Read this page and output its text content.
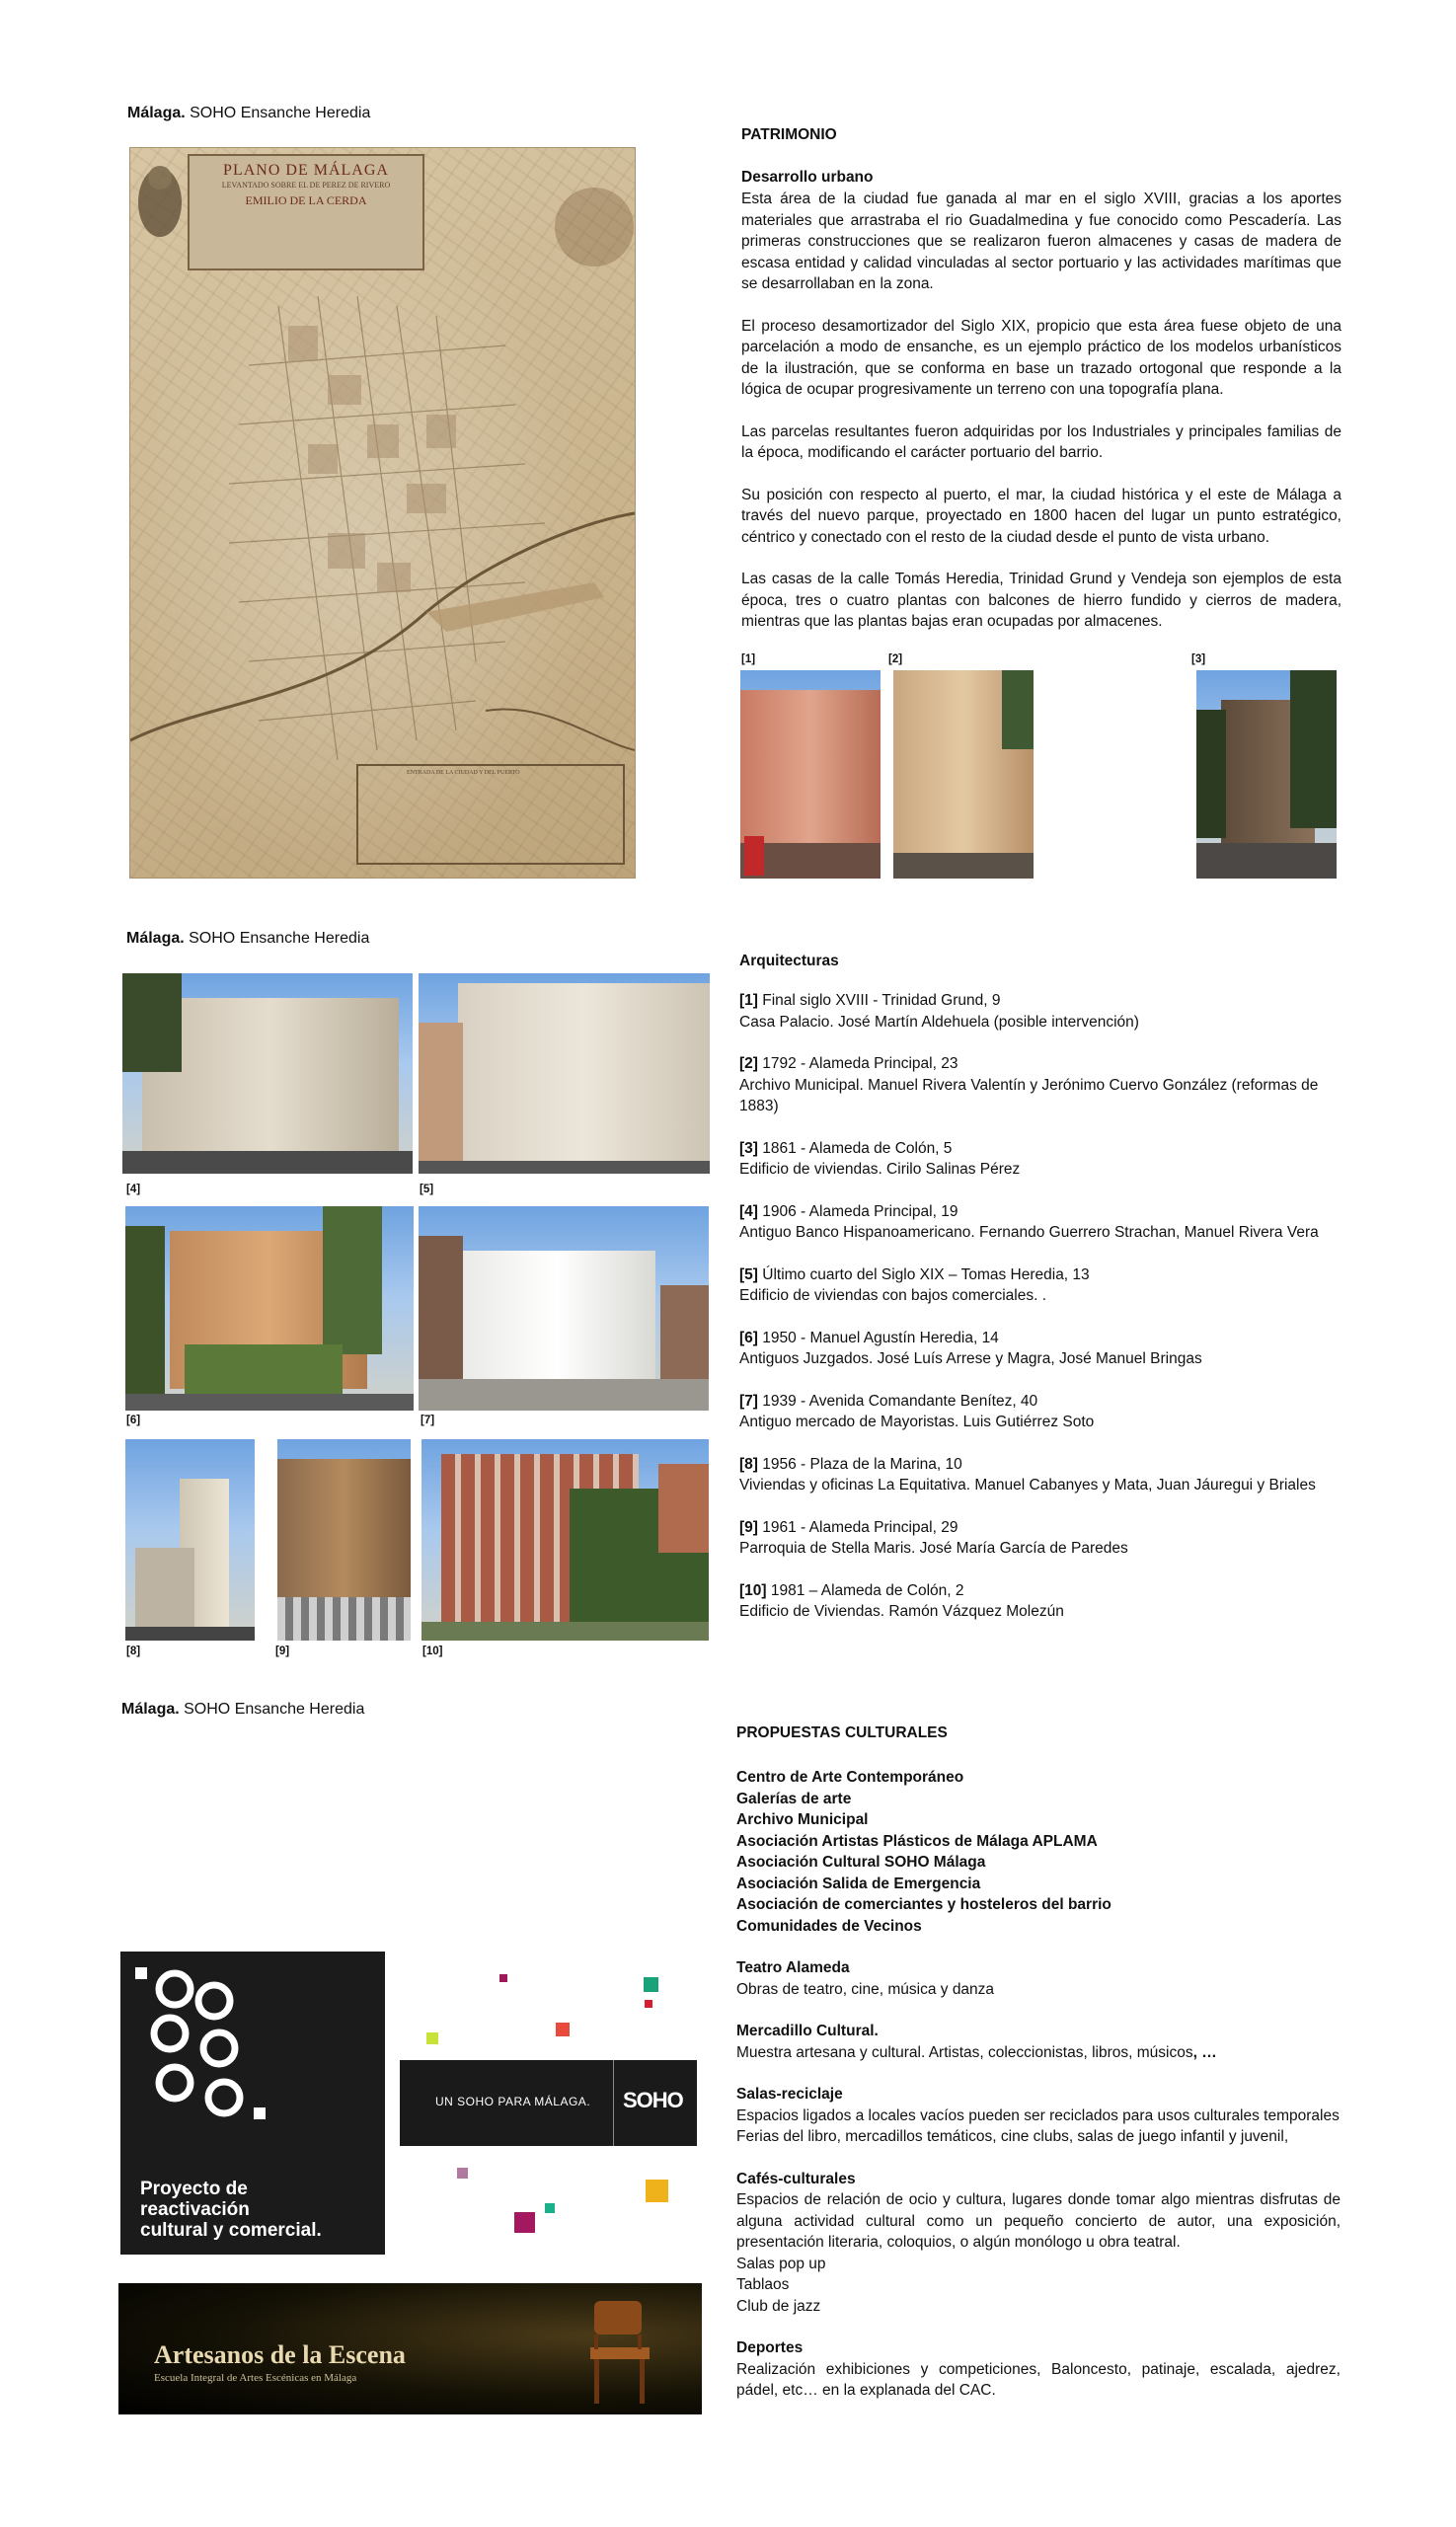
Málaga. SOHO Ensanche Heredia
PLANO DE MÁLAGA
LEVANTADO SOBRE EL DE PEREZ DE RIVERO
EMILIO DE LA CERDA
ENTRADA DE LA CIUDAD Y DEL PUERTO
PATRIMONIO
Desarrollo urbano

Esta área de la ciudad fue ganada al mar en el siglo XVIII, gracias a los aportes materiales que arrastraba el rio Guadalmedina y fue conocido como Pescadería. Las primeras construcciones que se realizaron fueron almacenes y casas de madera de escasa entidad y calidad vinculadas al sector portuario y las actividades marítimas que se desarrollaban en la zona.

El proceso desamortizador del Siglo XIX, propicio que esta área fuese objeto de una parcelación a modo de ensanche, es un ejemplo práctico de los modelos urbanísticos de la ilustración, que se conforma en base un trazado ortogonal que responde a la lógica de ocupar progresivamente un terreno con una topografía plana.

Las parcelas resultantes fueron adquiridas por los Industriales y principales familias de la época, modificando el carácter portuario del barrio.

Su posición con respecto al puerto, el mar, la ciudad histórica y el este de Málaga a través del nuevo parque, proyectado en 1800 hacen del lugar un punto estratégico, céntrico y conectado con el resto de la ciudad desde el punto de vista urbano.

Las casas de la calle Tomás Heredia, Trinidad Grund y Vendeja son ejemplos de esta época, tres o cuatro plantas con balcones de hierro fundido y cierros de madera, mientras que las plantas bajas eran ocupadas por almacenes.

[1]	[2]	[3]
Málaga. SOHO Ensanche Heredia
[4]	[5]
[6]	[7]
[8]	[9]	[10]
Arquitecturas
[1] Final siglo XVIII - Trinidad Grund, 9
Casa Palacio. José Martín Aldehuela (posible intervención)
[2] 1792 - Alameda Principal, 23
Archivo Municipal. Manuel Rivera Valentín y Jerónimo Cuervo González (reformas de 1883)
[3] 1861 - Alameda de Colón, 5
Edificio de viviendas. Cirilo Salinas Pérez
[4] 1906 - Alameda Principal, 19
Antiguo Banco Hispanoamericano. Fernando Guerrero Strachan, Manuel Rivera Vera
[5] Último cuarto del Siglo XIX – Tomas Heredia, 13
Edificio de viviendas con bajos comerciales. .
[6] 1950 - Manuel Agustín Heredia, 14
Antiguos Juzgados. José Luís Arrese y Magra, José Manuel Bringas
[7] 1939 - Avenida Comandante Benítez, 40
Antiguo mercado de Mayoristas. Luis Gutiérrez Soto
[8] 1956 - Plaza de la Marina, 10
Viviendas y oficinas La Equitativa. Manuel Cabanyes y Mata, Juan Jáuregui y Briales
[9] 1961 - Alameda Principal, 29
Parroquia de Stella Maris. José María García de Paredes
[10] 1981 – Alameda de Colón, 2
Edificio de Viviendas. Ramón Vázquez Molezún
Málaga. SOHO Ensanche Heredia
Proyecto de
reactivación
cultural y comercial.
UN SOHO PARA MÁLAGA. SOHO
Artesanos de la Escena
Escuela Integral de Artes Escénicas en Málaga
PROPUESTAS CULTURALES
Centro de Arte Contemporáneo
Galerías de arte
Archivo Municipal
Asociación Artistas Plásticos de Málaga APLAMA
Asociación Cultural SOHO Málaga
Asociación Salida de Emergencia
Asociación de comerciantes y hosteleros del barrio
Comunidades de Vecinos
Teatro Alameda
Obras de teatro, cine, música y danza
Mercadillo Cultural.
Muestra artesana y cultural. Artistas, coleccionistas, libros, músicos, …
Salas-reciclaje
Espacios ligados a locales vacíos pueden ser reciclados para usos culturales temporales
Ferias del libro, mercadillos temáticos, cine clubs, salas de juego infantil y juvenil,
Cafés-culturales
Espacios de relación de ocio y cultura, lugares donde tomar algo mientras disfrutas de alguna actividad cultural como un pequeño concierto de autor, una exposición, presentación literaria, coloquios, o algún monólogo u obra teatral.
Salas pop up
Tablaos
Club de jazz
Deportes
Realización exhibiciones y competiciones, Baloncesto, patinaje, escalada, ajedrez, pádel, etc… en la explanada del CAC.
